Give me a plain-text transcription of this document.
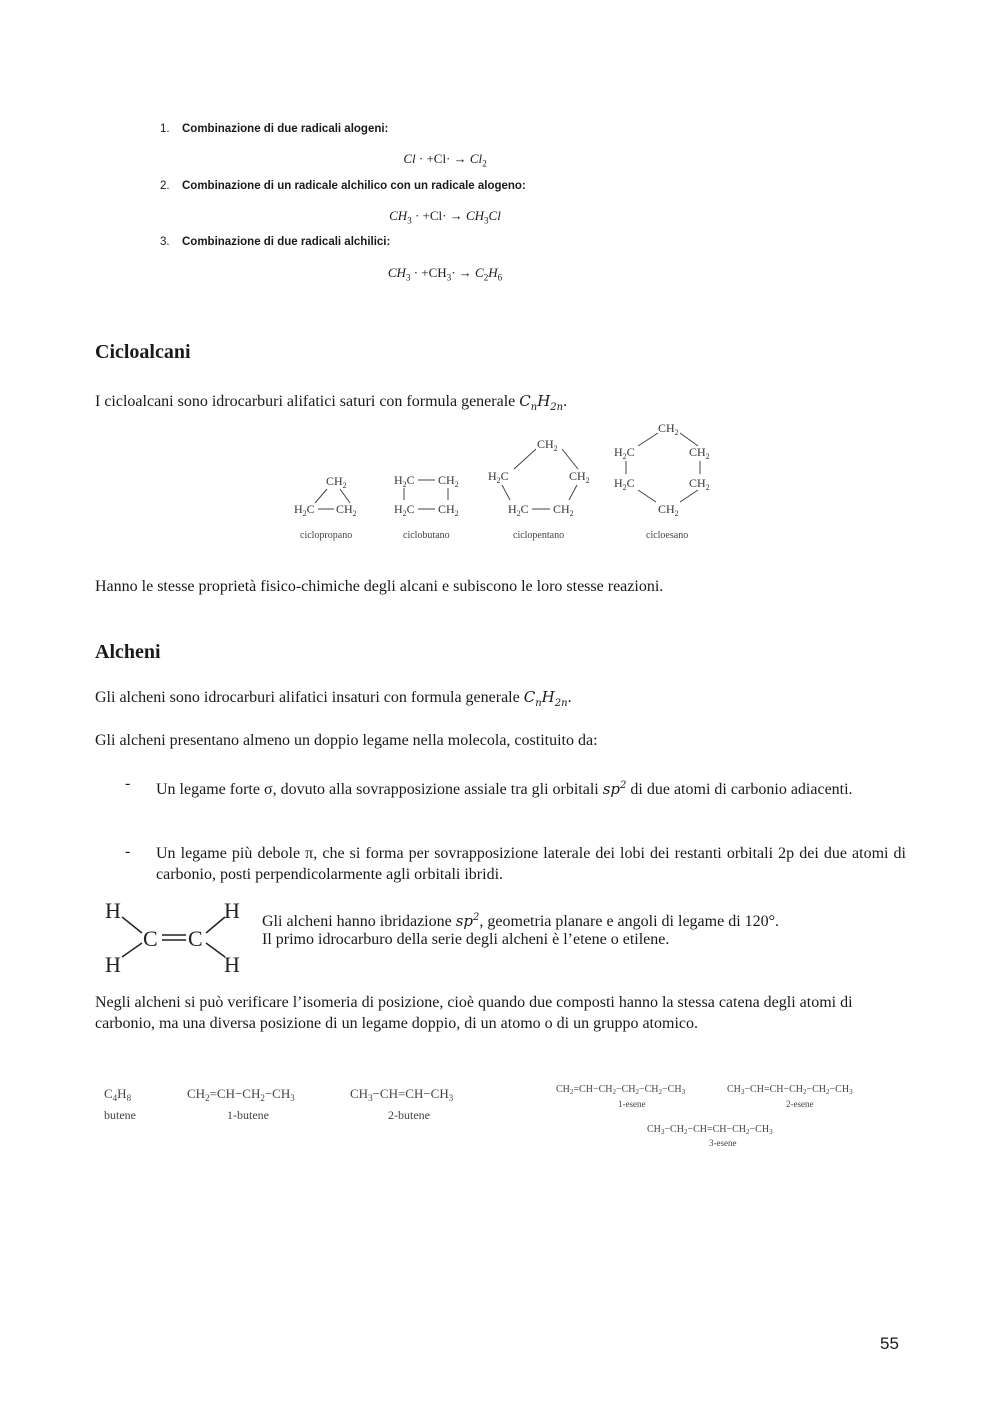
1. Combinazione di due radicali alogeni:
$Cl \cdot +Cl\cdot \to Cl_2$
2. Combinazione di un radicale alchilico con un radicale alogeno:
$CH_3 \cdot +Cl\cdot \to CH_3Cl$
3. Combinazione di due radicali alchilici:
$CH_3 \cdot +CH_3\cdot \to C_2H_6$
Cicloalcani

I cicloalcani sono idrocarburi alifatici saturi con formula generale $C_nH_{2n}$.

$CH_2$
$H_2C$ $CH_2$
$H_2C$ $CH_2$
$H_2C$ $CH_2$
$CH_2$
$H_2C$	$CH_2$
$H_2C$ $CH_2$
$CH_2$
$H_2C$	$CH_2$
$H_2C$	$CH_2$
$CH_2$
ciclopropano	ciclobutano	ciclopentano	cicloesano

Hanno le stesse proprietà fisico-chimiche degli alcani e subiscono le loro stesse reazioni.

Alcheni

Gli alcheni sono idrocarburi alifatici insaturi con formula generale $C_nH_{2n}$.

Gli alcheni presentano almeno un doppio legame nella molecola, costituito da:

- Un legame forte σ, dovuto alla sovrapposizione assiale tra gli orbitali $sp^2$ di due atomi di carbonio adiacenti.
- Un legame più debole π, che si forma per sovrapposizione laterale dei lobi dei restanti orbitali 2p dei due atomi di carbonio, posti perpendicolarmente agli orbitali ibridi.
H	H
H	H
C C

Gli alcheni hanno ibridazione $sp^2$, geometria planare e angoli di legame di 120°.

Il primo idrocarburo della serie degli alcheni è l’etene o etilene.

Negli alcheni si può verificare l’isomeria di posizione, cioè quando due composti hanno la stessa catena degli atomi di carbonio, ma una diversa posizione di un legame doppio, di un atomo o di un gruppo atomico.

$C_4H_8$	$CH_2=CH-CH_2-CH_3$	$CH_3-CH=CH-CH_3$
butene	1-butene	2-butene
$CH_2=CH-CH_2-CH_2-CH_2-CH_3$	$CH_3-CH=CH-CH_2-CH_2-CH_3$
$CH_3-CH_2-CH=CH-CH_2-CH_3$
1-esene	2-esene
3-esene
55
